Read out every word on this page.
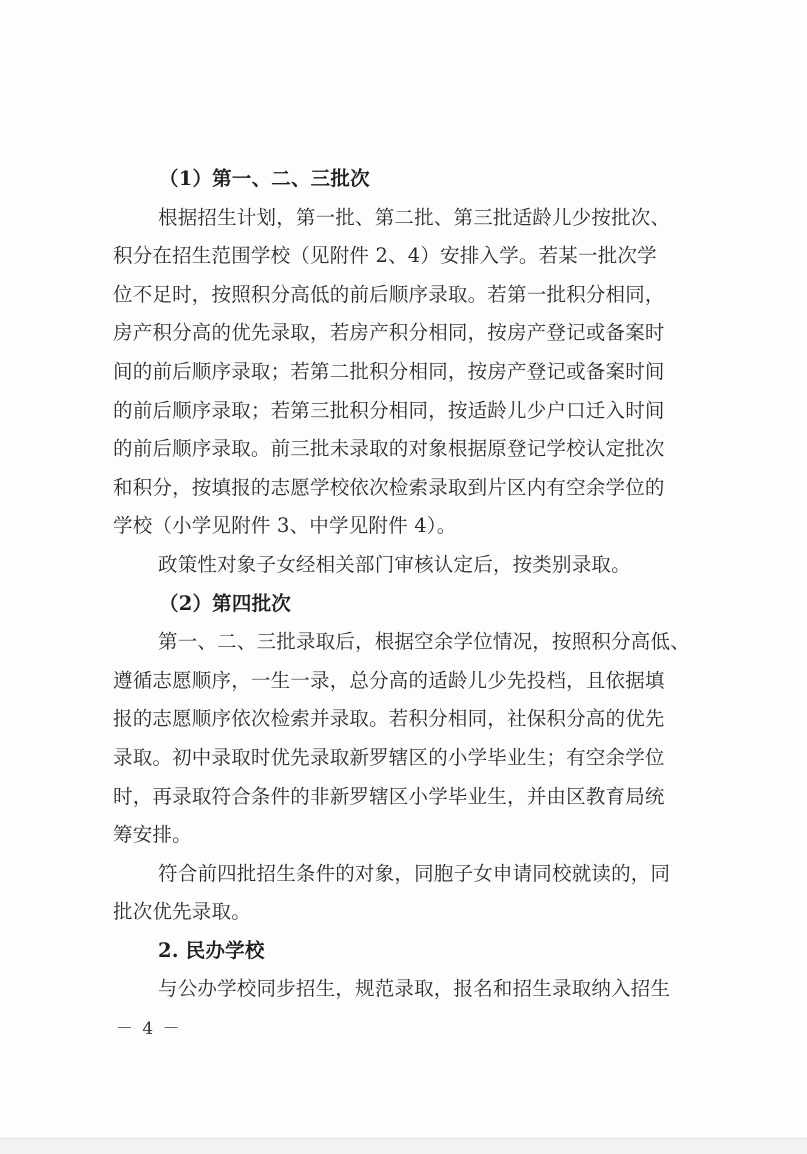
（1）第一、二、三批次
根据招生计划，第一批、第二批、第三批适龄儿少按批次、
积分在招生范围学校（见附件 2、4）安排入学。若某一批次学
位不足时，按照积分高低的前后顺序录取。若第一批积分相同，
房产积分高的优先录取，若房产积分相同，按房产登记或备案时
间的前后顺序录取；若第二批积分相同，按房产登记或备案时间
的前后顺序录取；若第三批积分相同，按适龄儿少户口迁入时间
的前后顺序录取。前三批未录取的对象根据原登记学校认定批次
和积分，按填报的志愿学校依次检索录取到片区内有空余学位的
学校（小学见附件 3、中学见附件 4）。
政策性对象子女经相关部门审核认定后，按类别录取。
（2）第四批次
第一、二、三批录取后，根据空余学位情况，按照积分高低、
遵循志愿顺序，一生一录，总分高的适龄儿少先投档，且依据填
报的志愿顺序依次检索并录取。若积分相同，社保积分高的优先
录取。初中录取时优先录取新罗辖区的小学毕业生；有空余学位
时，再录取符合条件的非新罗辖区小学毕业生，并由区教育局统
筹安排。
符合前四批招生条件的对象，同胞子女申请同校就读的，同
批次优先录取。
2. 民办学校
与公办学校同步招生，规范录取，报名和招生录取纳入招生
－ 4 －
